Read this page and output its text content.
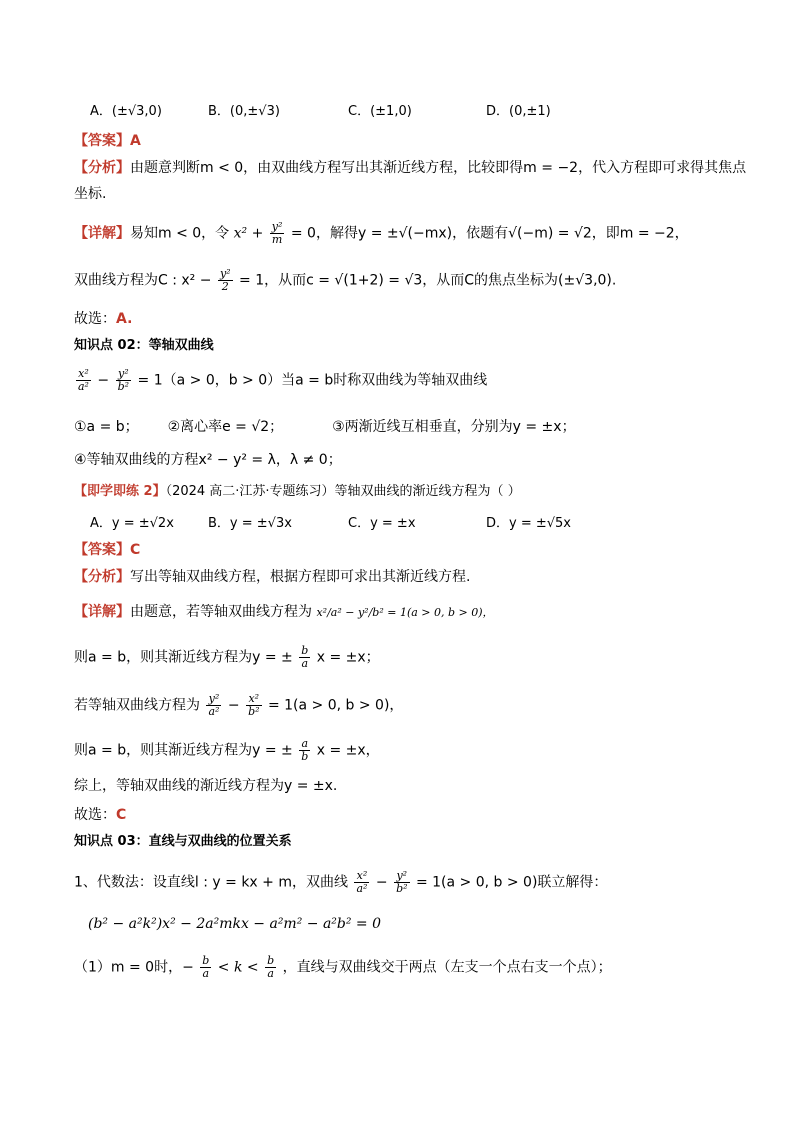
A．(±√3,0)	B．(0,±√3)	C．(±1,0)	D．(0,±1)
【答案】A
【分析】由题意判断m < 0，由双曲线方程写出其渐近线方程，比较即得m = −2，代入方程即可求得其焦点
坐标.
【详解】易知m < 0，令 $x^2 + \frac{\text{y²}}{m} = 0$，解得y = ±√(−mx)，依题有√(−m) = √2，即m = −2，
双曲线方程为C : $x^2 - \frac{\text{y²}}{2} = 1$，从而c = √(1+2) = √3，从而C的焦点坐标为(±√3,0).
故选：A.
知识点 02：等轴双曲线
$\frac{\text{x²}}{\text{a²}} - \frac{\text{y²}}{\text{b²}} = 1(a > 0$，b > 0）当a = b时称双曲线为等轴双曲线
①a = b； ②离心率e = √2；	③两渐近线互相垂直，分别为y = ±x；
④等轴双曲线的方程x² − y² = λ，λ ≠ 0；
【即学即练 2】（2024 高二·江苏·专题练习）等轴双曲线的渐近线方程为（ ）
A．y = ±√2x	B．y = ±√3x	C．y = ±x	D．y = ±√5x
【答案】C
【分析】写出等轴双曲线方程，根据方程即可求出其渐近线方程.
【详解】由题意，若等轴双曲线方程为 x²/a² − y²/b² = 1(a > 0, b > 0)，
则a = b，则其渐近线方程为y = ± $\frac{b}{a}$ x = ±x；
若等轴双曲线方程为 $\frac{\text{y²}}{\text{a²}} - \frac{\text{x²}}{\text{b²}} = 1(a > 0$, b > 0)，
则a = b，则其渐近线方程为y = ± $\frac{a}{b}$ x = ±x，
综上，等轴双曲线的渐近线方程为y = ±x.
故选：C
知识点 03：直线与双曲线的位置关系
1、代数法：设直线l : y = kx + m，双曲线 $\frac{\text{x²}}{\text{a²}} - \frac{\text{y²}}{\text{b²}} = 1(a > 0$, b > 0)联立解得：
(b² − a²k²)x² − 2a²mkx − a²m² − a²b² = 0
（1）m = 0时，− $\frac{b}{a} < k < \frac{b}{a}$ ，直线与双曲线交于两点（左支一个点右支一个点）；
